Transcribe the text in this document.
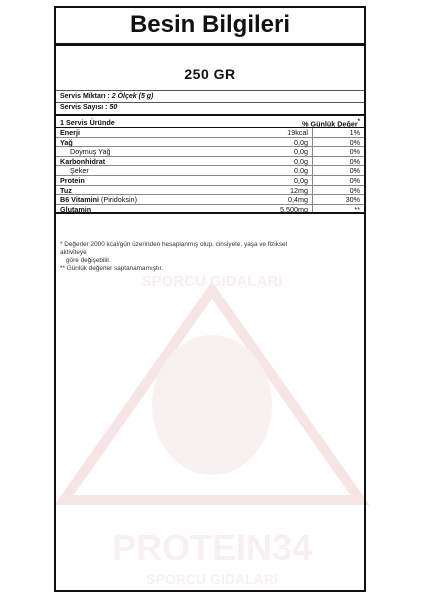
SPORCU GIDALARI
PROTEIN34
SPORCU GIDALARI
Besin Bilgileri
250 GR
Servis Miktarı : 2 Ölçek (5 g)
Servis Sayısı : 50
1 Servis Üründe	% Günlük Değer*
Enerji	19kcal	1%
Yağ	0,0g	0%
Doymuş Yağ	0,0g	0%
Karbonhidrat	0,0g	0%
Şeker	0,0g	0%
Protein	0,0g	0%
Tuz	12mg	0%
B6 Vitamini (Piridoksin)	0,4mg	30%
Glutamin	5.500mg	**
* Değerler 2000 kcal/gün üzerinden hesaplanmış olup, cinsiyete, yaşa ve fiziksel aktiviteye
göre değişebilir.
** Günlük değerler saptanamamıştır.
